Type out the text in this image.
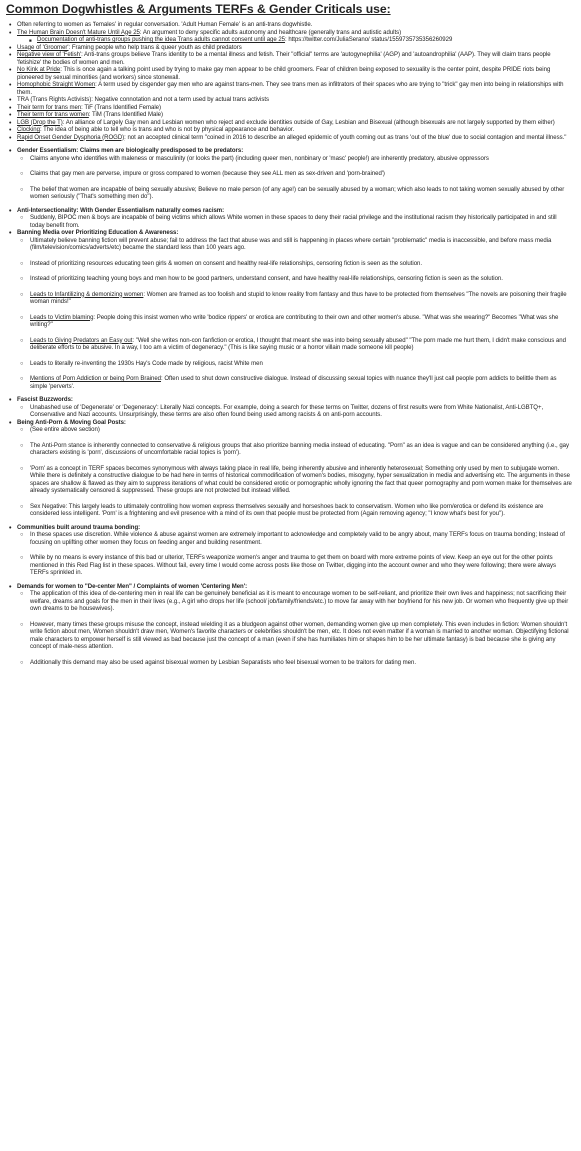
Common Dogwhistles & Arguments TERFs & Gender Criticals use:
• Often referring to women as 'females' in regular conversation. 'Adult Human Female' is an anti-trans dogwhistle.
• The Human Brain Doesn't Mature Until Age 25: An argument to deny specific adults autonomy and healthcare (generally trans and autistic adults)
■ Documentation of anti-trans groups pushing the idea Trans adults cannot consent until age 25: https://twitter.com/JuliaSerano/ status/1559735735356260929
• Usage of 'Groomer': Framing people who help trans & queer youth as child predators
• Negative view of 'Fetish': Anti-trans groups believe Trans identity to be a mental illness and fetish. Their "official" terms are 'autogynephilia' (AGP) and 'autoandrophilia' (AAP). They will claim trans people 'fetishize' the bodies of women and men.
• No Kink at Pride: This is once again a talking point used by trying to make gay men appear to be child groomers. Fear of children being exposed to sexuality is the center point, despite PRIDE riots being pioneered by sexual minorities (and workers) since stonewall.
• Homophobic Straight Women: A term used by cisgender gay men who are against trans-men. They see trans men as infiltrators of their spaces who are trying to "trick" gay men into being in relationships with them.
• TRA (Trans Rights Activists): Negative connotation and not a term used by actual trans activists
• Their term for trans men: TiF (Trans Identified Female)
• Their term for trans women: TiM (Trans Identified Male)
• LGB (Drop the T): An alliance of Largely Gay men and Lesbian women who reject and exclude identities outside of Gay, Lesbian and Bisexual (although bisexuals are not largely supported by them either)
• Clocking: The idea of being able to tell who is trans and who is not by physical appearance and behavior.
• Rapid Onset Gender Dysphoria (ROGD): not an accepted clinical term "coined in 2016 to describe an alleged epidemic of youth coming out as trans 'out of the blue' due to social contagion and mental illness."
• Gender Essentialism: Claims men are biologically predisposed to be predators:
○ Claims anyone who identifies with maleness or masculinity (or looks the part) (including queer men, nonbinary or 'masc' people!) are inherently predatory, abusive oppressors
○ Claims that gay men are perverse, impure or gross compared to women (because they see ALL men as sex-driven and 'porn-brained')
○ The belief that women are incapable of being sexually abusive; Believe no male person (of any age!) can be sexually abused by a woman; which also leads to not taking women sexually abused by other women seriously ("That's something men do").
• Anti-Intersectionality: With Gender Essentialism naturally comes racism:
○ Suddenly, BIPOC men & boys are incapable of being victims which allows White women in these spaces to deny their racial privilege and the institutional racism they historically participated in and still today benefit from.
• Banning Media over Prioritizing Education & Awareness:
○ Ultimately believe banning fiction will prevent abuse; fail to address the fact that abuse was and still is happening in places where certain "problematic" media is inaccessible, and before mass media (film/television/comics/adverts/etc) became the standard less than 100 years ago.
○ Instead of prioritizing resources educating teen girls & women on consent and healthy real-life relationships, censoring fiction is seen as the solution.
○ Instead of prioritizing teaching young boys and men how to be good partners, understand consent, and have healthy real-life relationships, censoring fiction is seen as the solution.
○ Leads to Infantilizing & demonizing women: Women are framed as too foolish and stupid to know reality from fantasy and thus have to be protected from themselves "The novels are poisoning their fragile woman minds!"
○ Leads to Victim blaming: People doing this insist women who write 'bodice rippers' or erotica are contributing to their own and other women's abuse. "What was she wearing?" Becomes "What was she writing?"
○ Leads to Giving Predators an Easy out: "Well she writes non-con fanfiction or erotica, I thought that meant she was into being sexually abused" "The porn made me hurt them, I didn't make conscious and deliberate efforts to be abusive. In a way, I too am a victim of degeneracy." (This is like saying music or a horror villain made someone kill people)
○ Leads to literally re-inventing the 1930s Hay's Code made by religious, racist White men
○ Mentions of Porn Addiction or being Porn Brained: Often used to shut down constructive dialogue. Instead of discussing sexual topics with nuance they'll just call people porn addicts to belittle them as simple 'perverts'.
• Fascist Buzzwords:
○ Unabashed use of 'Degenerate' or 'Degeneracy': Literally Nazi concepts. For example, doing a search for these terms on Twitter, dozens of first results were from White Nationalist, Anti-LGBTQ+, Conservative and Nazi accounts. Unsurprisingly, these terms are also often found being used among racists & on anti-porn accounts.
• Being Anti-Porn & Moving Goal Posts:
○ (See entire above section)
○ The Anti-Porn stance is inherently connected to conservative & religious groups that also prioritize banning media instead of educating. "Porn" as an idea is vague and can be considered anything (i.e., gay characters existing is 'porn', discussions of uncomfortable racial topics is 'porn').
○ 'Porn' as a concept in TERF spaces becomes synonymous with always taking place in real life, being inherently abusive and inherently heterosexual; Something only used by men to subjugate women. While there is definitely a constructive dialogue to be had here in terms of historical commodification of women's bodies, misogyny, hyper sexualization in media and advertising etc. The arguments in these spaces are shallow & flawed as they aim to suppress iterations of what could be considered erotic or pornographic wholly ignoring the fact that queer pornography and porn women make for themselves are already systematically censored & suppressed. These groups are not protected but instead vilified.
○ Sex Negative: This largely leads to ultimately controlling how women express themselves sexually and horseshoes back to conservatism. Women who like porn/erotica or defend its existence are considered less intelligent. 'Porn' is a frightening and evil presence with a mind of its own that people must be protected from (Again removing agency; "I know what's best for you").
• Communities built around trauma bonding:
○ In these spaces use discretion. While violence & abuse against women are extremely important to acknowledge and completely valid to be angry about, many TERFs focus on trauma bonding; Instead of focusing on uplifting other women they focus on feeding anger and building resentment.
○ While by no means is every instance of this bad or ulterior, TERFs weaponize women's anger and trauma to get them on board with more extreme points of view. Keep an eye out for the other points mentioned in this Red Flag list in these spaces. Without fail, every time I would come across posts like those on Twitter, digging into the account owner and who they were following; there were always TERFs sprinkled in.
• Demands for women to "De-center Men" / Complaints of women 'Centering Men':
○ The application of this idea of de-centering men in real life can be genuinely beneficial as it is meant to encourage women to be self-reliant, and prioritize their own lives and happiness; not sacrificing their welfare, dreams and goals for the men in their lives (e.g., A girl who drops her life (school/ job/family/friends/etc.) to move far away with her boyfriend for his new job. Or women who frequently give up their own dreams to be housewives).
○ However, many times these groups misuse the concept, instead wielding it as a bludgeon against other women, demanding women give up men completely. This even includes in fiction: Women shouldn't write fiction about men, Women shouldn't draw men, Women's favorite characters or celebrities shouldn't be men, etc. It does not even matter if a woman is married to another woman. Objectifying fictional male characters to empower herself is still viewed as bad because just the concept of a man (even if she has humiliates him or shapes him to be her ultimate fantasy) is bad because she is giving any concept of male-ness attention.
○ Additionally this demand may also be used against bisexual women by Lesbian Separatists who feel bisexual women to be traitors for dating men.
